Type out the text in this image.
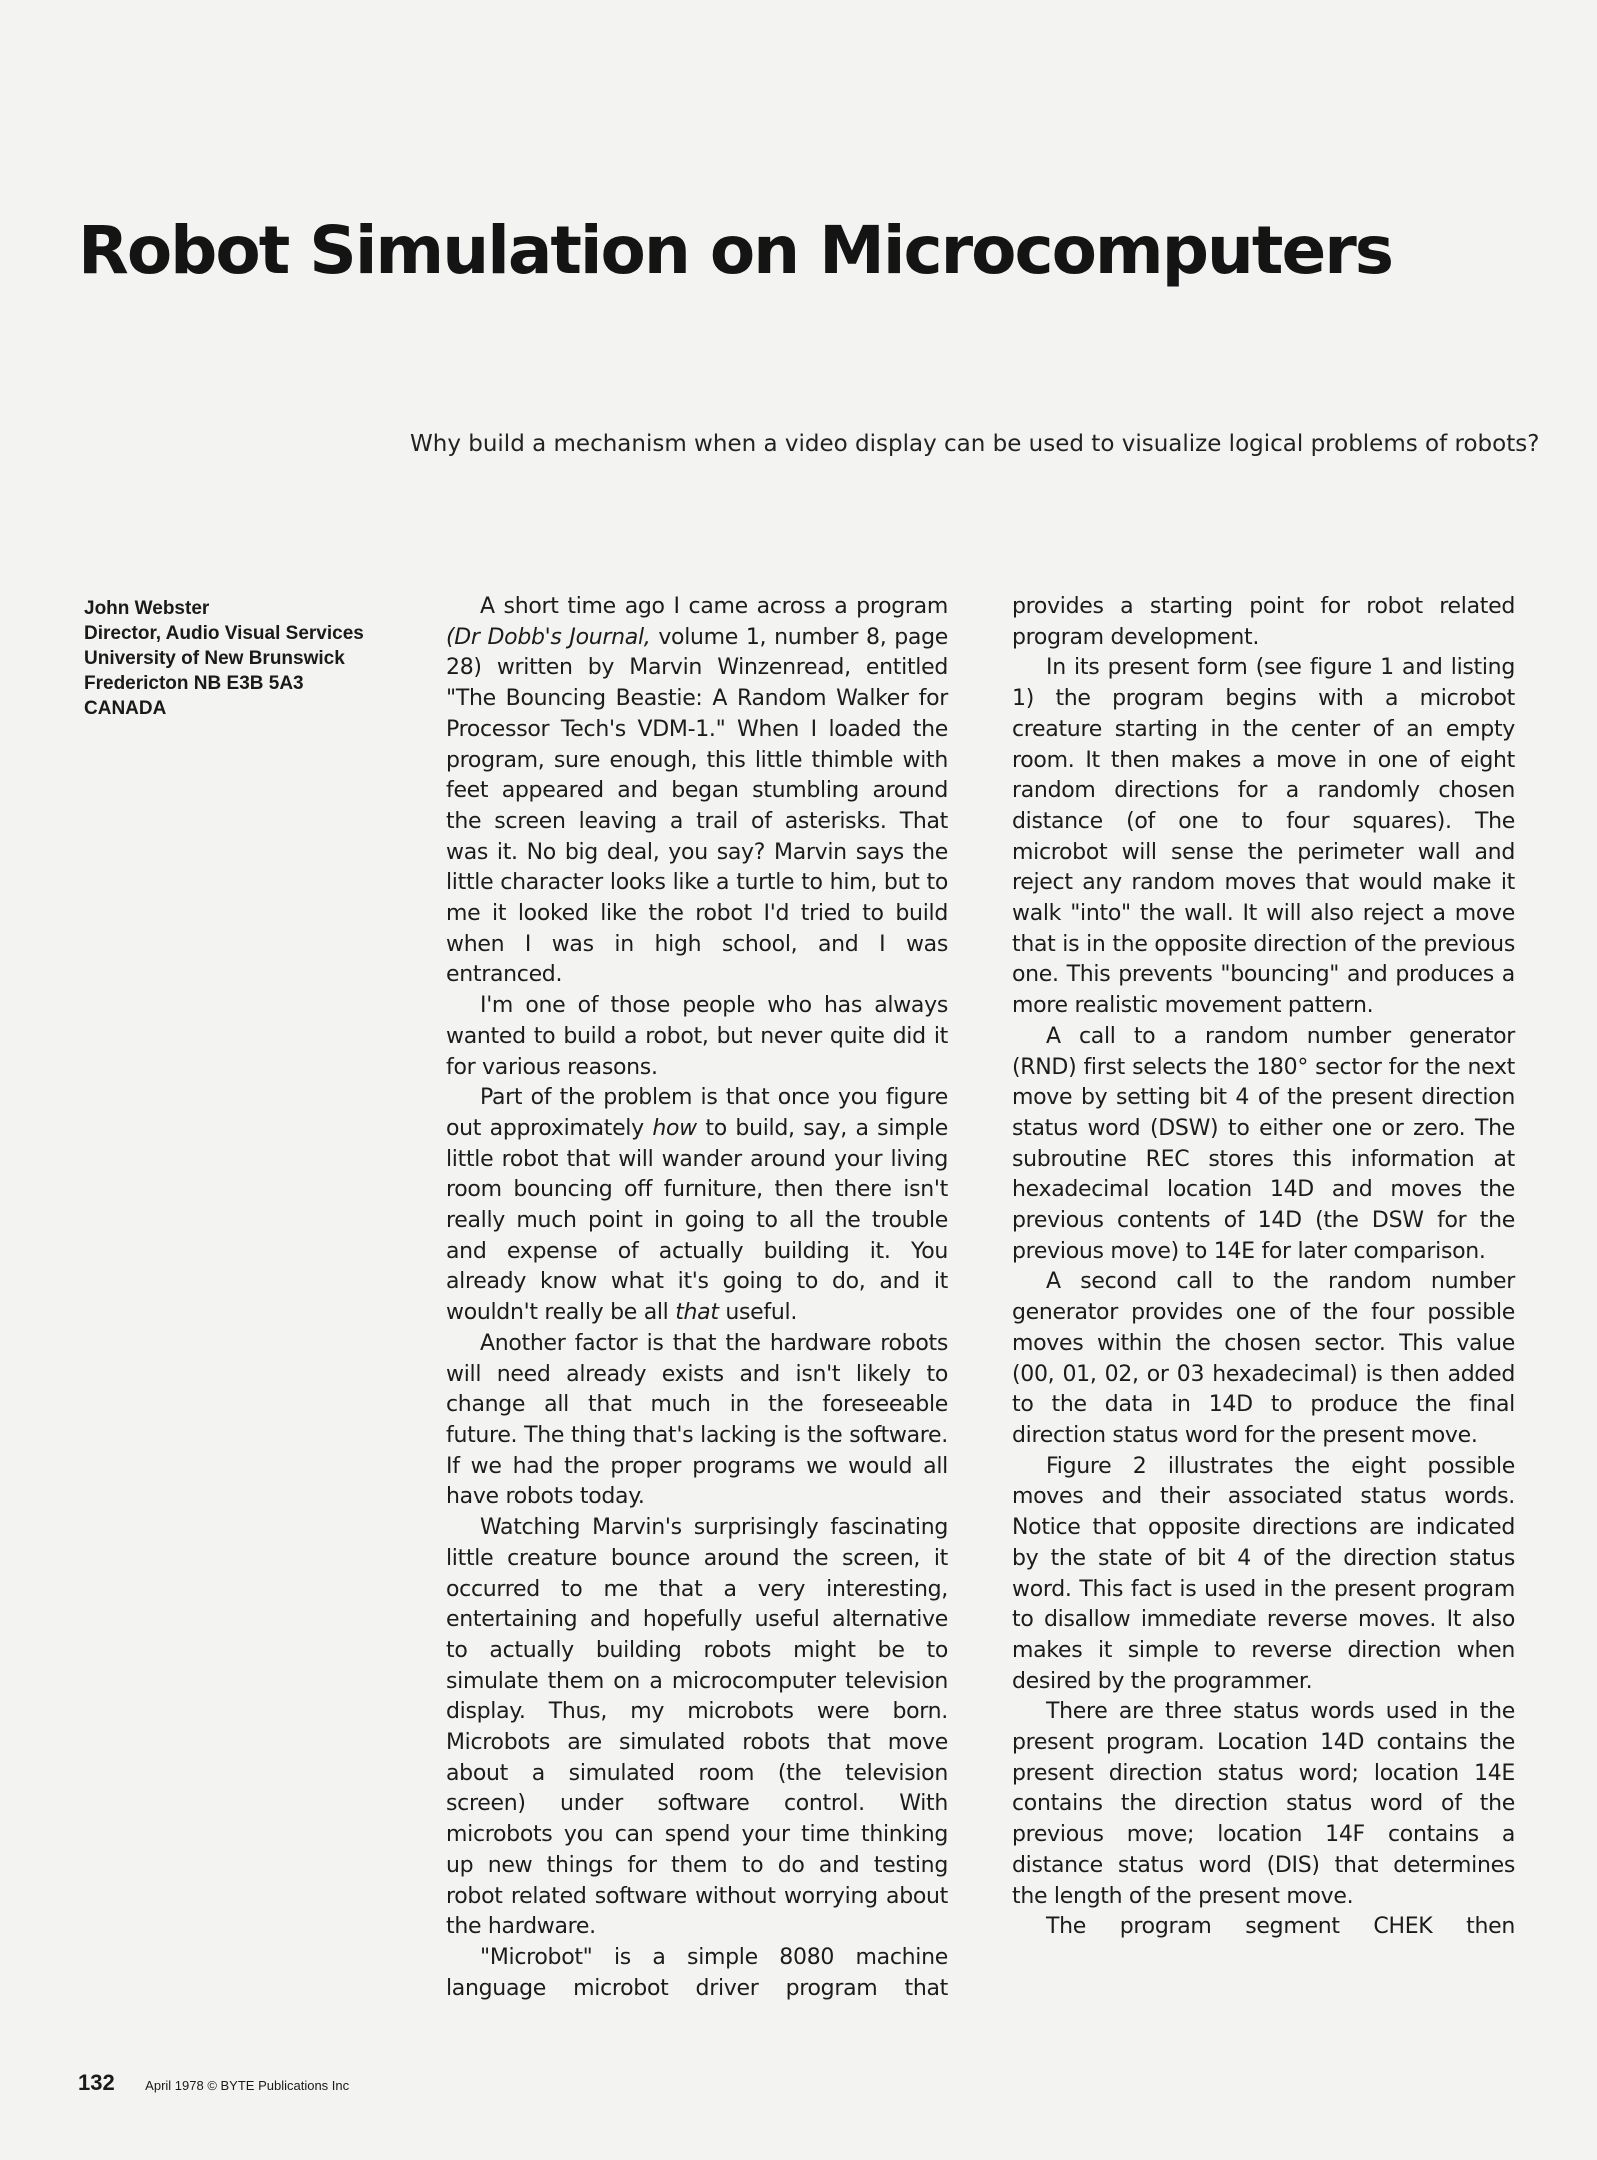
Robot Simulation on Microcomputers

Why build a mechanism when a video display can be used to visualize logical problems of robots?

John Webster
Director, Audio Visual Services
University of New Brunswick
Fredericton NB E3B 5A3
CANADA

A short time ago I came across a program (Dr Dobb's Journal, volume 1, number 8, page 28) written by Marvin Winzenread, entitled "The Bouncing Beastie: A Random Walker for Processor Tech's VDM-1." When I loaded the program, sure enough, this little thimble with feet appeared and began stumbling around the screen leaving a trail of asterisks. That was it. No big deal, you say? Marvin says the little character looks like a turtle to him, but to me it looked like the robot I'd tried to build when I was in high school, and I was entranced.

I'm one of those people who has always wanted to build a robot, but never quite did it for various reasons.

Part of the problem is that once you figure out approximately how to build, say, a simple little robot that will wander around your living room bouncing off furniture, then there isn't really much point in going to all the trouble and expense of actually building it. You already know what it's going to do, and it wouldn't really be all that useful.

Another factor is that the hardware robots will need already exists and isn't likely to change all that much in the foreseeable future. The thing that's lacking is the software. If we had the proper programs we would all have robots today.

Watching Marvin's surprisingly fascinating little creature bounce around the screen, it occurred to me that a very interesting, entertaining and hopefully useful alternative to actually building robots might be to simulate them on a microcomputer television display. Thus, my microbots were born. Microbots are simulated robots that move about a simulated room (the television screen) under software control. With microbots you can spend your time thinking up new things for them to do and testing robot related software without worrying about the hardware.

"Microbot" is a simple 8080 machine language microbot driver program that

provides a starting point for robot related program development.

In its present form (see figure 1 and listing 1) the program begins with a microbot creature starting in the center of an empty room. It then makes a move in one of eight random directions for a randomly chosen distance (of one to four squares). The microbot will sense the perimeter wall and reject any random moves that would make it walk "into" the wall. It will also reject a move that is in the opposite direction of the previous one. This prevents "bouncing" and produces a more realistic movement pattern.

A call to a random number generator (RND) first selects the 180° sector for the next move by setting bit 4 of the present direction status word (DSW) to either one or zero. The subroutine REC stores this information at hexadecimal location 14D and moves the previous contents of 14D (the DSW for the previous move) to 14E for later comparison.

A second call to the random number generator provides one of the four possible moves within the chosen sector. This value (00, 01, 02, or 03 hexadecimal) is then added to the data in 14D to produce the final direction status word for the present move.

Figure 2 illustrates the eight possible moves and their associated status words. Notice that opposite directions are indicated by the state of bit 4 of the direction status word. This fact is used in the present program to disallow immediate reverse moves. It also makes it simple to reverse direction when desired by the programmer.

There are three status words used in the present program. Location 14D contains the present direction status word; location 14E contains the direction status word of the previous move; location 14F contains a distance status word (DIS) that determines the length of the present move.

The program segment CHEK then

132 April 1978 © BYTE Publications Inc
